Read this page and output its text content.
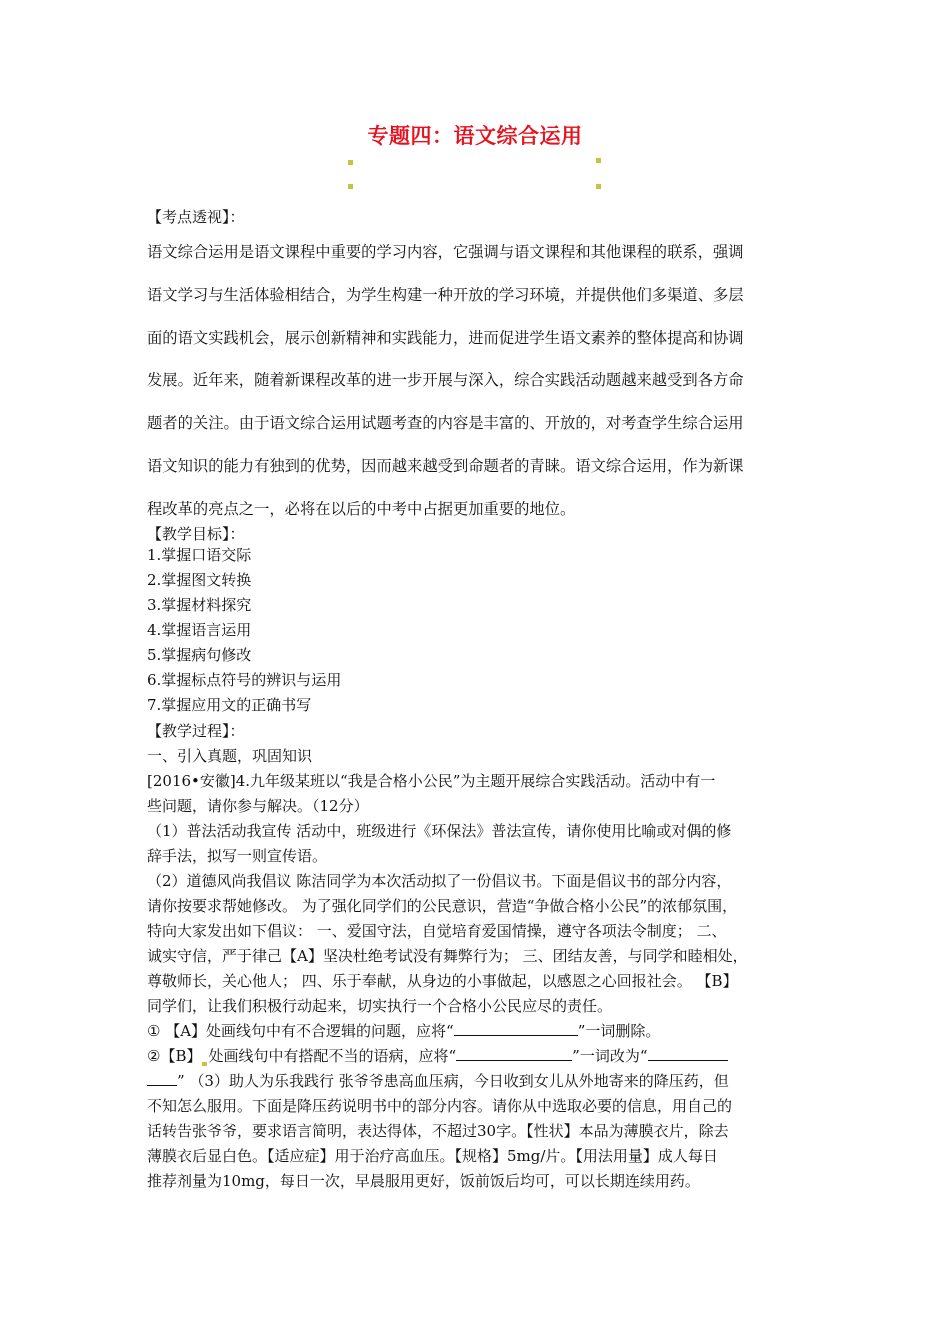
专题四：语文综合运用
【考点透视】：
语文综合运用是语文课程中重要的学习内容，它强调与语文课程和其他课程的联系，强调
语文学习与生活体验相结合，为学生构建一种开放的学习环境，并提供他们多渠道、多层
面的语文实践机会，展示创新精神和实践能力，进而促进学生语文素养的整体提高和协调
发展。近年来，随着新课程改革的进一步开展与深入，综合实践活动题越来越受到各方命
题者的关注。由于语文综合运用试题考查的内容是丰富的、开放的，对考查学生综合运用
语文知识的能力有独到的优势，因而越来越受到命题者的青睐。语文综合运用，作为新课
程改革的亮点之一，必将在以后的中考中占据更加重要的地位。
【教学目标】：
1.掌握口语交际
2.掌握图文转换
3.掌握材料探究
4.掌握语言运用
5.掌握病句修改
6.掌握标点符号的辨识与运用
7.掌握应用文的正确书写
【教学过程】：
一、引入真题，巩固知识
[2016•安徽]4.九年级某班以“我是合格小公民”为主题开展综合实践活动。活动中有一
些问题，请你参与解决。（12分）
（1）普法活动我宣传 活动中，班级进行《环保法》普法宣传，请你使用比喻或对偶的修
辞手法，拟写一则宣传语。
（2）道德风尚我倡议 陈洁同学为本次活动拟了一份倡议书。下面是倡议书的部分内容，
请你按要求帮她修改。 为了强化同学们的公民意识，营造“争做合格小公民”的浓郁氛围，
特向大家发出如下倡议： 一、爱国守法，自觉培育爱国情操，遵守各项法令制度； 二、
诚实守信，严于律己【A】坚决杜绝考试没有舞弊行为； 三、团结友善，与同学和睦相处，
尊敬师长，关心他人； 四、乐于奉献，从身边的小事做起，以感恩之心回报社会。 【B】
同学们，让我们积极行动起来，切实执行一个合格小公民应尽的责任。
① 【A】处画线句中有不合逻辑的问题，应将“	”一词删除。
②【B】 处画线句中有搭配不当的语病，应将“	”一词改为“
” （3）助人为乐我践行 张爷爷患高血压病，今日收到女儿从外地寄来的降压药，但
不知怎么服用。下面是降压药说明书中的部分内容。请你从中选取必要的信息，用自己的
话转告张爷爷，要求语言简明，表达得体，不超过30字。【性状】本品为薄膜衣片，除去
薄膜衣后显白色。【适应症】用于治疗高血压。【规格】5mg/片。【用法用量】成人每日
推荐剂量为10mg，每日一次，早晨服用更好，饭前饭后均可，可以长期连续用药。
